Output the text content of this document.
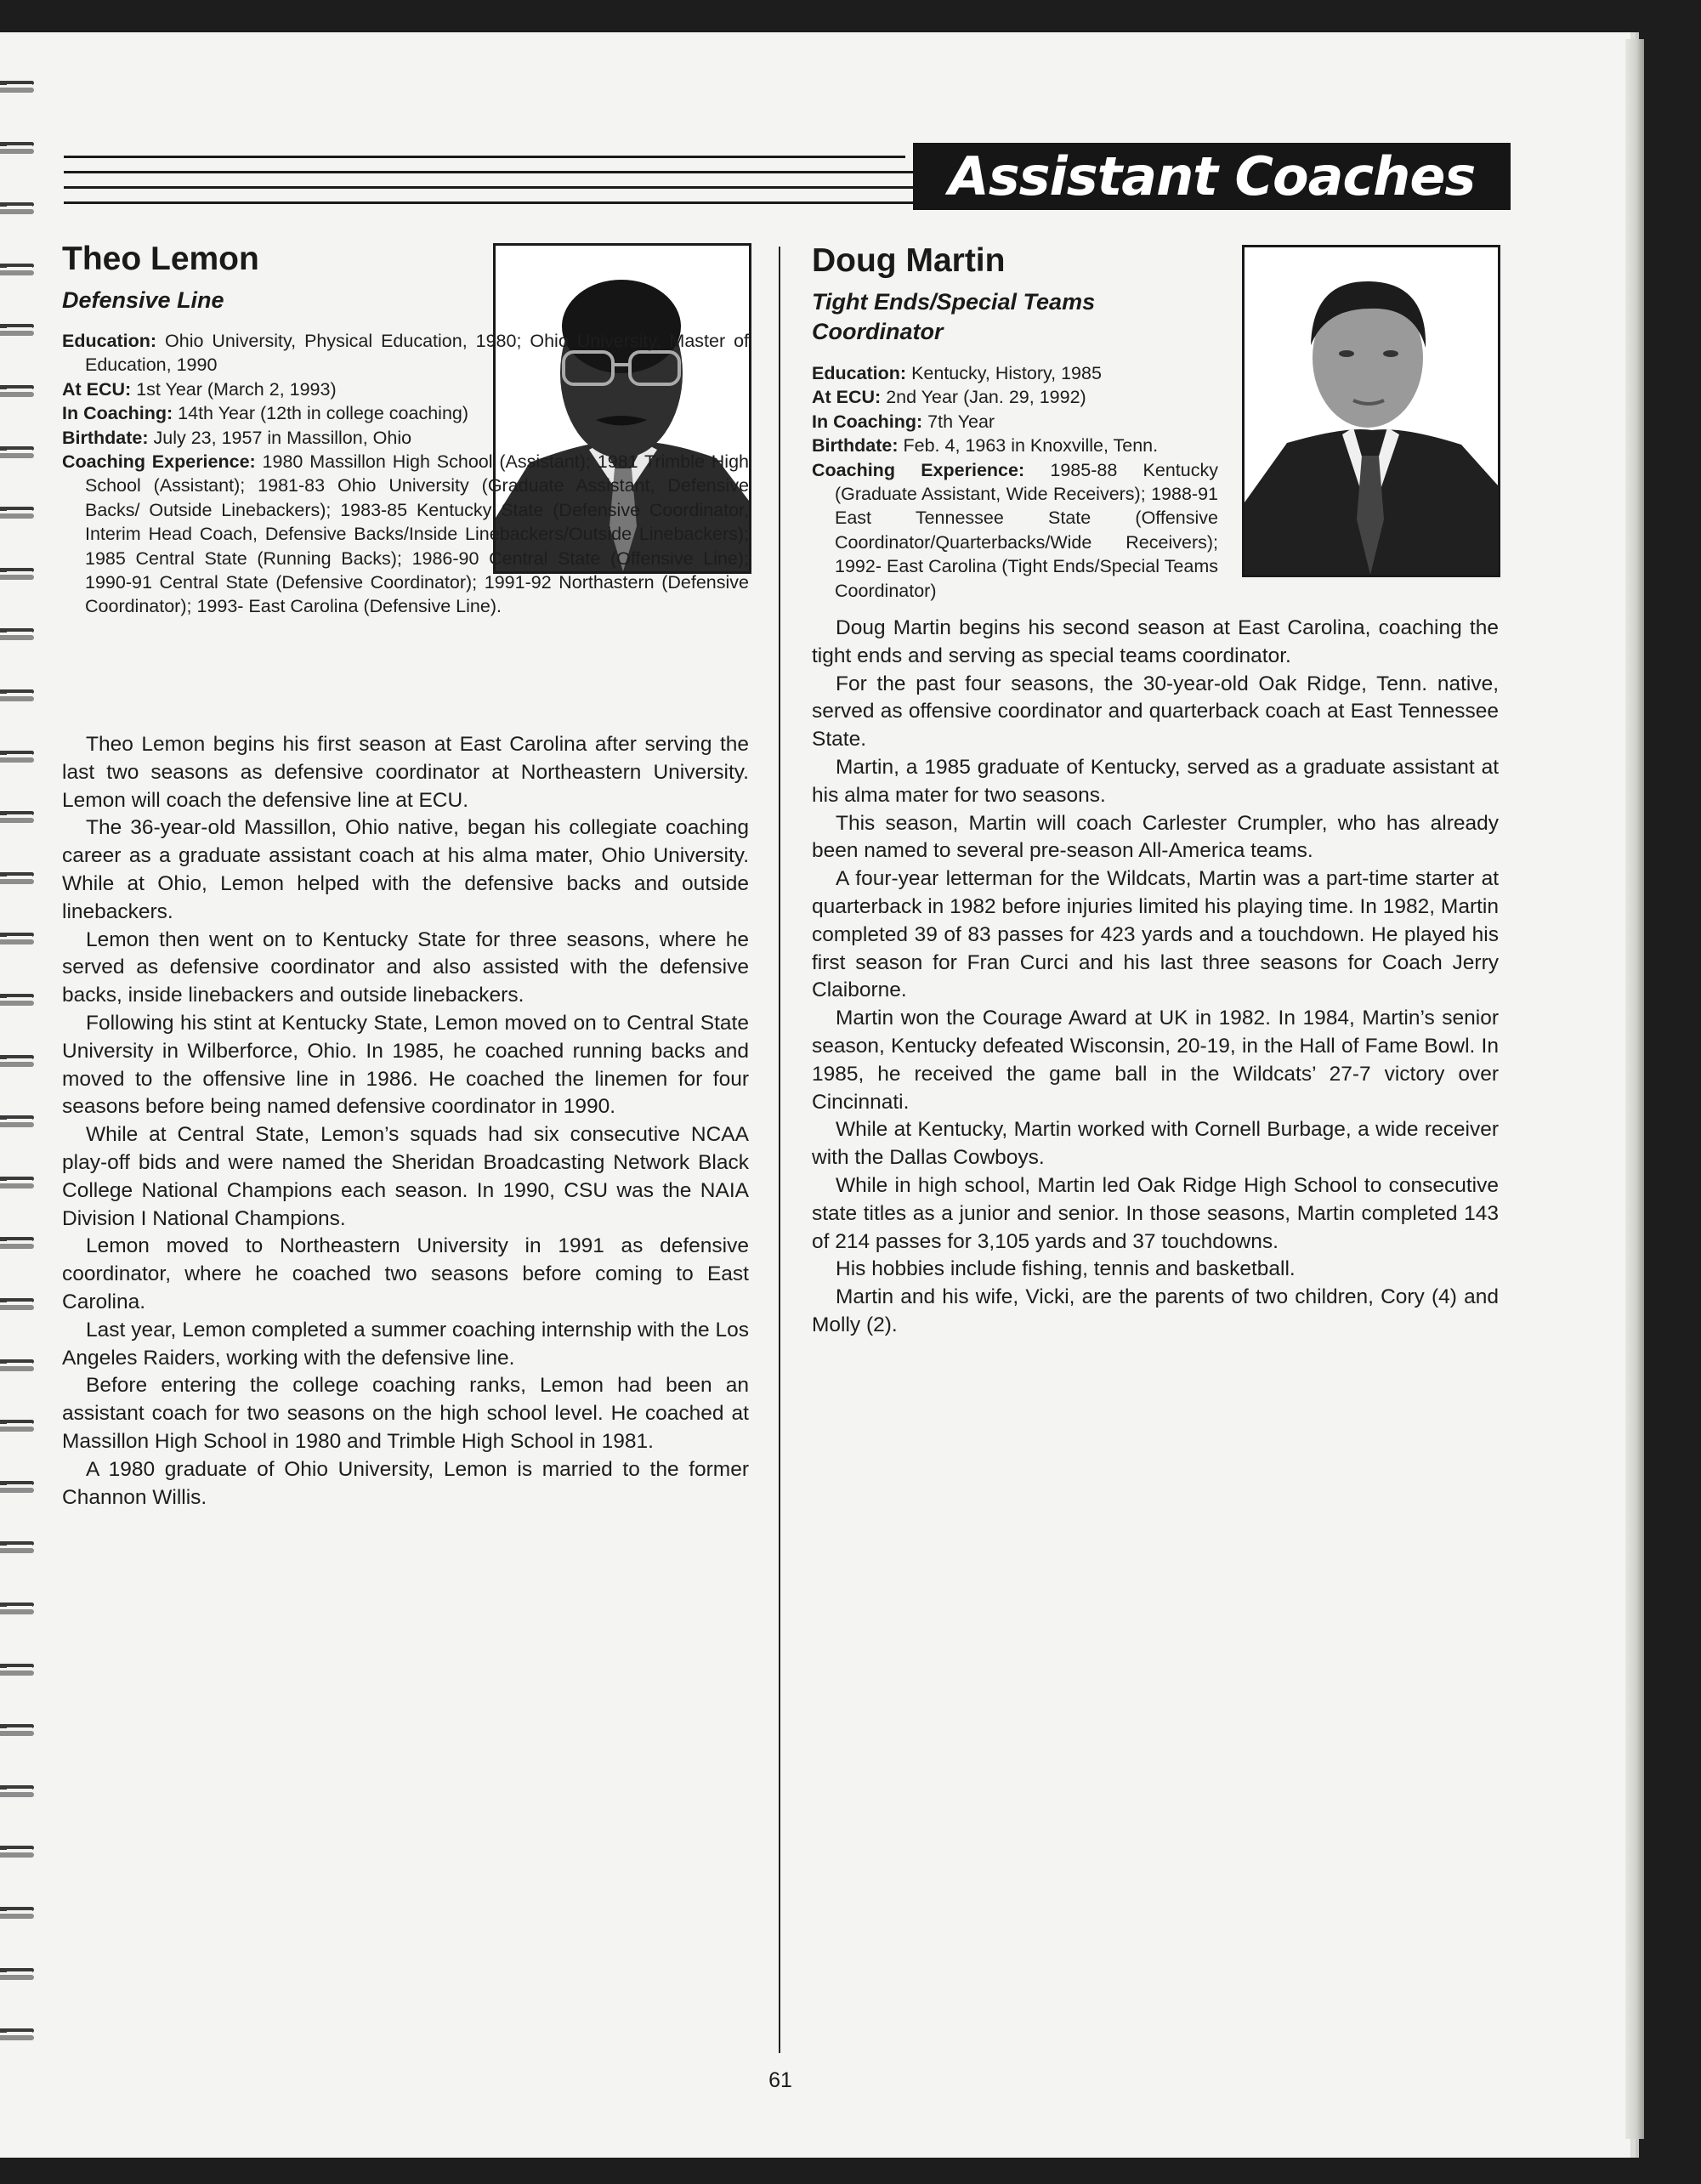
Assistant Coaches
Theo Lemon
Defensive Line
Education: Ohio University, Physical Education, 1980; Ohio University, Master of Education, 1990
At ECU: 1st Year (March 2, 1993)
In Coaching: 14th Year (12th in college coaching)
Birthdate: July 23, 1957 in Massillon, Ohio
Coaching Experience: 1980 Massillon High School (Assistant); 1981 Trimble High School (Assistant); 1981-83 Ohio University (Graduate Assistant, Defensive Backs/ Outside Linebackers); 1983-85 Kentucky State (Defensive Coordinator, Interim Head Coach, Defensive Backs/Inside Linebackers/Outside Linebackers); 1985 Central State (Running Backs); 1986-90 Central State (Offensive Line); 1990-91 Central State (Defensive Coordinator); 1991-92 Northastern (Defensive Coordinator); 1993- East Carolina (Defensive Line).

Theo Lemon begins his first season at East Carolina after serving the last two seasons as defensive coordinator at Northeastern University. Lemon will coach the defensive line at ECU.

The 36-year-old Massillon, Ohio native, began his collegiate coaching career as a graduate assistant coach at his alma mater, Ohio University. While at Ohio, Lemon helped with the defensive backs and outside linebackers.

Lemon then went on to Kentucky State for three seasons, where he served as defensive coordinator and also assisted with the defensive backs, inside linebackers and outside linebackers.

Following his stint at Kentucky State, Lemon moved on to Central State University in Wilberforce, Ohio. In 1985, he coached running backs and moved to the offensive line in 1986. He coached the linemen for four seasons before being named defensive coordinator in 1990.

While at Central State, Lemon’s squads had six consecutive NCAA play-off bids and were named the Sheridan Broadcasting Network Black College National Champions each season. In 1990, CSU was the NAIA Division I National Champions.

Lemon moved to Northeastern University in 1991 as defensive coordinator, where he coached two seasons before coming to East Carolina.

Last year, Lemon completed a summer coaching internship with the Los Angeles Raiders, working with the defensive line.

Before entering the college coaching ranks, Lemon had been an assistant coach for two seasons on the high school level. He coached at Massillon High School in 1980 and Trimble High School in 1981.

A 1980 graduate of Ohio University, Lemon is married to the former Channon Willis.

Doug Martin
Tight Ends/Special Teams Coordinator
Education: Kentucky, History, 1985
At ECU: 2nd Year (Jan. 29, 1992)
In Coaching: 7th Year
Birthdate: Feb. 4, 1963 in Knoxville, Tenn.
Coaching Experience: 1985-88 Kentucky (Graduate Assistant, Wide Receivers); 1988-91 East Tennessee State (Offensive Coordinator/Quarterbacks/Wide Receivers); 1992- East Carolina (Tight Ends/Special Teams Coordinator)

Doug Martin begins his second season at East Carolina, coaching the tight ends and serving as special teams coordinator.

For the past four seasons, the 30-year-old Oak Ridge, Tenn. native, served as offensive coordinator and quarterback coach at East Tennessee State.

Martin, a 1985 graduate of Kentucky, served as a graduate assistant at his alma mater for two seasons.

This season, Martin will coach Carlester Crumpler, who has already been named to several pre-season All-America teams.

A four-year letterman for the Wildcats, Martin was a part-time starter at quarterback in 1982 before injuries limited his playing time. In 1982, Martin completed 39 of 83 passes for 423 yards and a touchdown. He played his first season for Fran Curci and his last three seasons for Coach Jerry Claiborne.

Martin won the Courage Award at UK in 1982. In 1984, Martin’s senior season, Kentucky defeated Wisconsin, 20-19, in the Hall of Fame Bowl. In 1985, he received the game ball in the Wildcats’ 27-7 victory over Cincinnati.

While at Kentucky, Martin worked with Cornell Burbage, a wide receiver with the Dallas Cowboys.

While in high school, Martin led Oak Ridge High School to consecutive state titles as a junior and senior. In those seasons, Martin completed 143 of 214 passes for 3,105 yards and 37 touchdowns.

His hobbies include fishing, tennis and basketball.

Martin and his wife, Vicki, are the parents of two children, Cory (4) and Molly (2).

61
